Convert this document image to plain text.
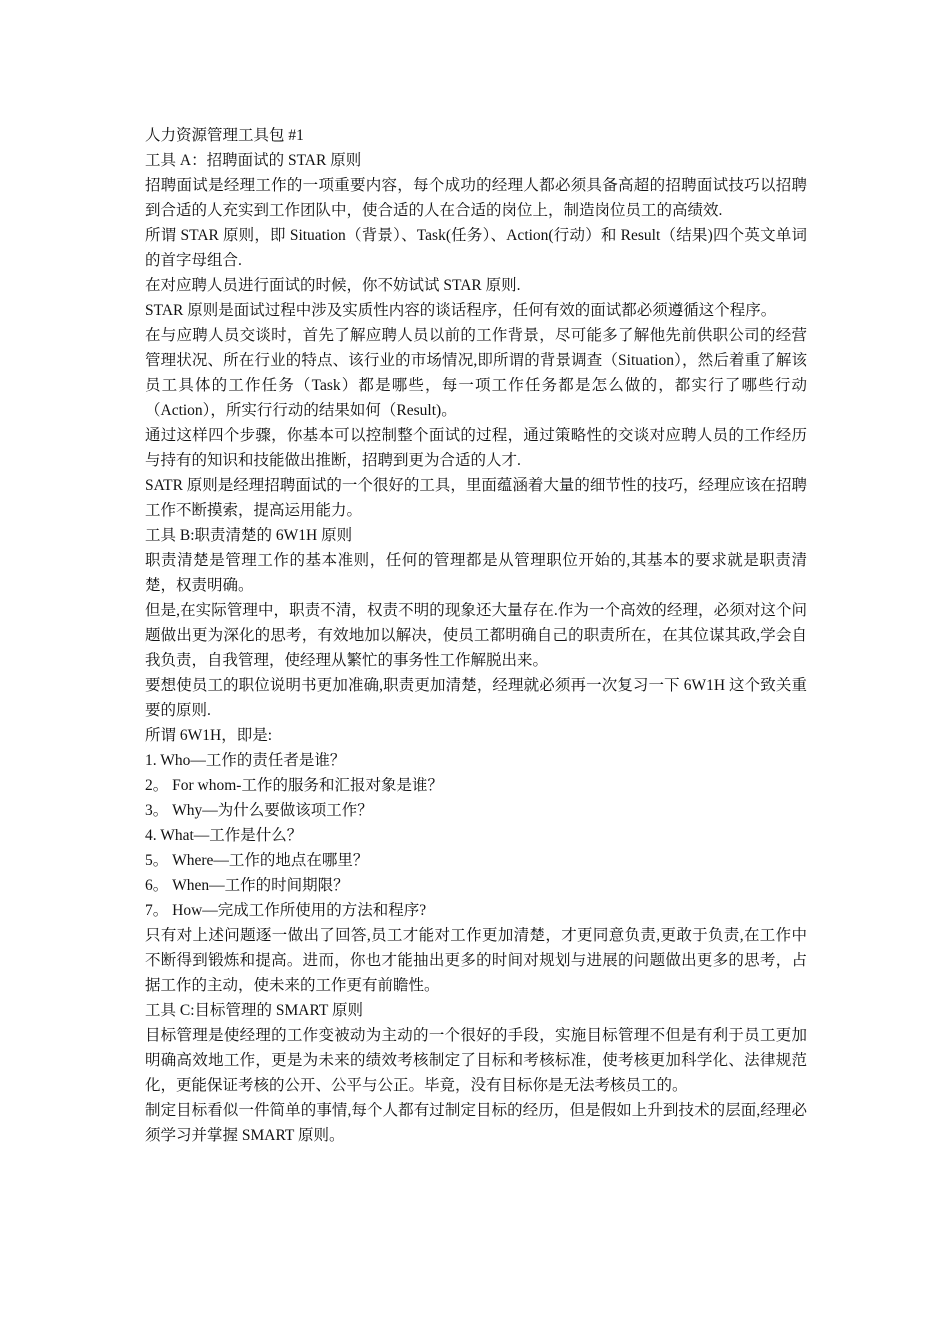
人力资源管理工具包 #1

工具 A：招聘面试的 STAR 原则

招聘面试是经理工作的一项重要内容，每个成功的经理人都必须具备高超的招聘面试技巧以招聘到合适的人充实到工作团队中，使合适的人在合适的岗位上，制造岗位员工的高绩效.

所谓 STAR 原则，即 Situation（背景）、Task(任务）、Action(行动）和 Result（结果)四个英文单词的首字母组合.

在对应聘人员进行面试的时候，你不妨试试 STAR 原则.

STAR 原则是面试过程中涉及实质性内容的谈话程序，任何有效的面试都必须遵循这个程序。

在与应聘人员交谈时，首先了解应聘人员以前的工作背景，尽可能多了解他先前供职公司的经营管理状况、所在行业的特点、该行业的市场情况,即所谓的背景调查（Situation），然后着重了解该员工具体的工作任务（Task）都是哪些，每一项工作任务都是怎么做的，都实行了哪些行动（Action），所实行行动的结果如何（Result)。

通过这样四个步骤，你基本可以控制整个面试的过程，通过策略性的交谈对应聘人员的工作经历与持有的知识和技能做出推断，招聘到更为合适的人才.

SATR 原则是经理招聘面试的一个很好的工具，里面蕴涵着大量的细节性的技巧，经理应该在招聘工作不断摸索，提高运用能力。

工具 B:职责清楚的 6W1H 原则

职责清楚是管理工作的基本准则，任何的管理都是从管理职位开始的,其基本的要求就是职责清楚，权责明确。

但是,在实际管理中，职责不清，权责不明的现象还大量存在.作为一个高效的经理，必须对这个问题做出更为深化的思考，有效地加以解决，使员工都明确自己的职责所在，在其位谋其政,学会自我负责，自我管理，使经理从繁忙的事务性工作解脱出来。

要想使员工的职位说明书更加准确,职责更加清楚，经理就必须再一次复习一下 6W1H 这个致关重要的原则.

所谓 6W1H，即是:

1. Who—工作的责任者是谁？

2。 For whom-工作的服务和汇报对象是谁？

3。 Why—为什么要做该项工作？

4. What—工作是什么？

5。 Where—工作的地点在哪里？

6。 When—工作的时间期限？

7。 How—完成工作所使用的方法和程序?

只有对上述问题逐一做出了回答,员工才能对工作更加清楚，才更同意负责,更敢于负责,在工作中不断得到锻炼和提高。进而，你也才能抽出更多的时间对规划与进展的问题做出更多的思考，占据工作的主动，使未来的工作更有前瞻性。

工具 C:目标管理的 SMART 原则

目标管理是使经理的工作变被动为主动的一个很好的手段，实施目标管理不但是有利于员工更加明确高效地工作，更是为未来的绩效考核制定了目标和考核标准，使考核更加科学化、法律规范化，更能保证考核的公开、公平与公正。毕竟，没有目标你是无法考核员工的。

制定目标看似一件简单的事情,每个人都有过制定目标的经历，但是假如上升到技术的层面,经理必须学习并掌握 SMART 原则。
